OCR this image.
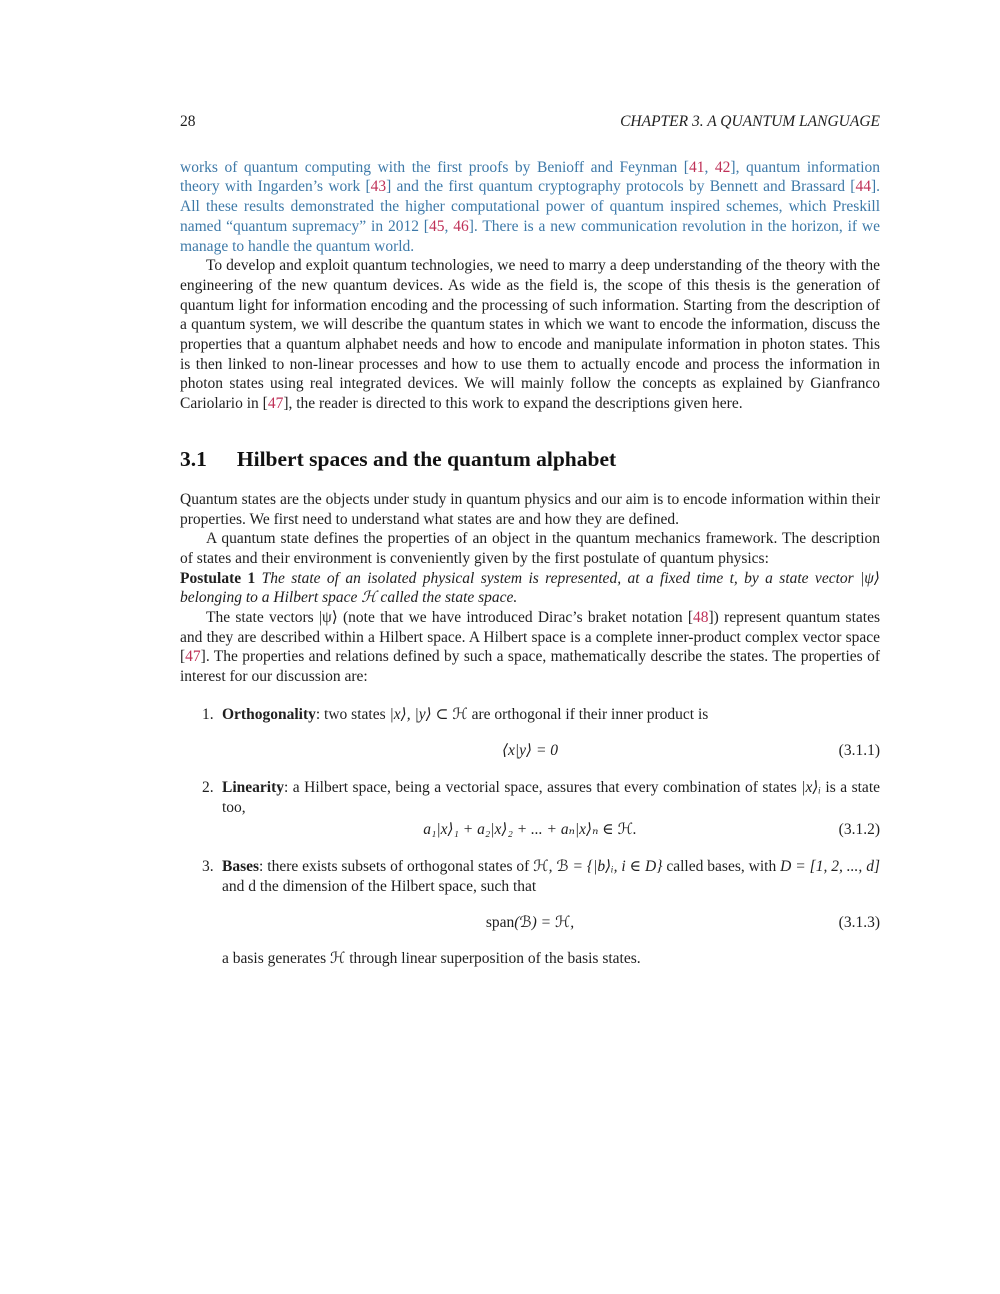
28	CHAPTER 3. A QUANTUM LANGUAGE

works of quantum computing with the first proofs by Benioff and Feynman [41, 42], quantum information theory with Ingarden’s work [43] and the first quantum cryptography protocols by Bennett and Brassard [44]. All these results demonstrated the higher computational power of quantum inspired schemes, which Preskill named “quantum supremacy” in 2012 [45, 46]. There is a new communication revolution in the horizon, if we manage to handle the quantum world.

To develop and exploit quantum technologies, we need to marry a deep understanding of the theory with the engineering of the new quantum devices. As wide as the field is, the scope of this thesis is the generation of quantum light for information encoding and the processing of such information. Starting from the description of a quantum system, we will describe the quantum states in which we want to encode the information, discuss the properties that a quantum alphabet needs and how to encode and manipulate information in photon states. This is then linked to non-linear processes and how to use them to actually encode and process the information in photon states using real integrated devices. We will mainly follow the concepts as explained by Gianfranco Cariolario in [47], the reader is directed to this work to expand the descriptions given here.

3.1 Hilbert spaces and the quantum alphabet

Quantum states are the objects under study in quantum physics and our aim is to encode information within their properties. We first need to understand what states are and how they are defined.

A quantum state defines the properties of an object in the quantum mechanics framework. The description of states and their environment is conveniently given by the first postulate of quantum physics:

Postulate 1 The state of an isolated physical system is represented, at a fixed time t, by a state vector |ψ⟩ belonging to a Hilbert space ℋ called the state space.

The state vectors |ψ⟩ (note that we have introduced Dirac’s braket notation [48]) represent quantum states and they are described within a Hilbert space. A Hilbert space is a complete inner-product complex vector space [47]. The properties and relations defined by such a space, mathematically describe the states. The properties of interest for our discussion are:

1. Orthogonality: two states |x⟩, |y⟩ ⊂ ℋ are orthogonal if their inner product is
⟨x|y⟩ = 0	(3.1.1)
2. Linearity: a Hilbert space, being a vectorial space, assures that every combination of states |x⟩ᵢ is a state too,
a₁|x⟩₁ + a₂|x⟩₂ + ... + aₙ|x⟩ₙ ∈ ℋ.	(3.1.2)
3. Bases: there exists subsets of orthogonal states of ℋ, ℬ = {|b⟩ᵢ, i ∈ D} called bases, with D = [1, 2, ..., d] and d the dimension of the Hilbert space, such that
span(ℬ) = ℋ,	(3.1.3)
a basis generates ℋ through linear superposition of the basis states.
